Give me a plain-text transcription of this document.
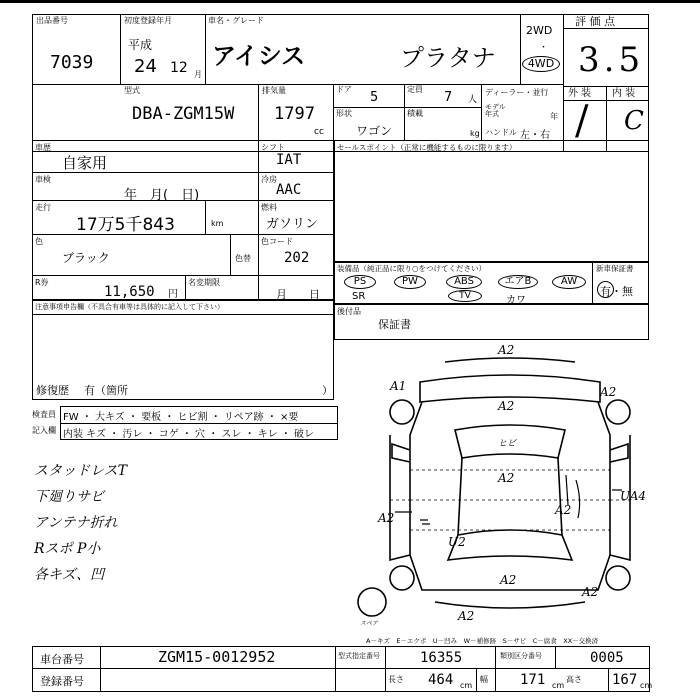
出品番号
7039
初度登録年月
平成
24 12 月
車名・グレード
アイシス	プラタナ
2WD
・
4WD
評 価 点
3.5
外 装 内 装
/ C
型式
DBA-ZGM15W
排気量
1797
cc
ドア
5
形状
ワゴン
定員
7 人
積載
kg
ディーラー・並行
モデル年式	年
ハンドル 左・右
車歴
自家用
シフト
IAT
車検
年　月(　日)
冷房
AAC
走行
17万5千843	km
燃料
ガソリン
色
ブラック	色替
色コード
202
R券
11,650 円
名変期限
月　　日
セールスポイント（正常に機能するものに限ります）
装備品（純正品に限り○をつけてください）
PS	PW	ABS	エアB	AW
SR	TV	カワ
新車保証書
有・無
後付品
保証書
注意事項申告欄（不具合有車等は具体的に記入して下さい）
修復歴 有（箇所	）
検査員
記入欄
FW ・ 大キズ ・ 要板 ・ ヒビ割 ・ リペア跡 ・ ×要
内装 キズ ・ 汚レ ・ コゲ ・ 穴 ・ スレ ・ キレ ・ 破レ
スタッドレスT
下廻りサビ
アンテナ折れ
Rスポ P小
各キズ、凹
A2
A1	A2
A2
A2
A2
A2
A2
U2
A2
A2
UA4
ヒビ
スペア
A－キズ　E－エクボ　U－凹み　W－補修跡　S－サビ　C－腐食　XX－交換済
車台番号	ZGM15-0012952
登録番号
型式指定番号	16355	類別区分番号	0005
長さ 464 cm
幅 171 cm
高さ 167 cm
